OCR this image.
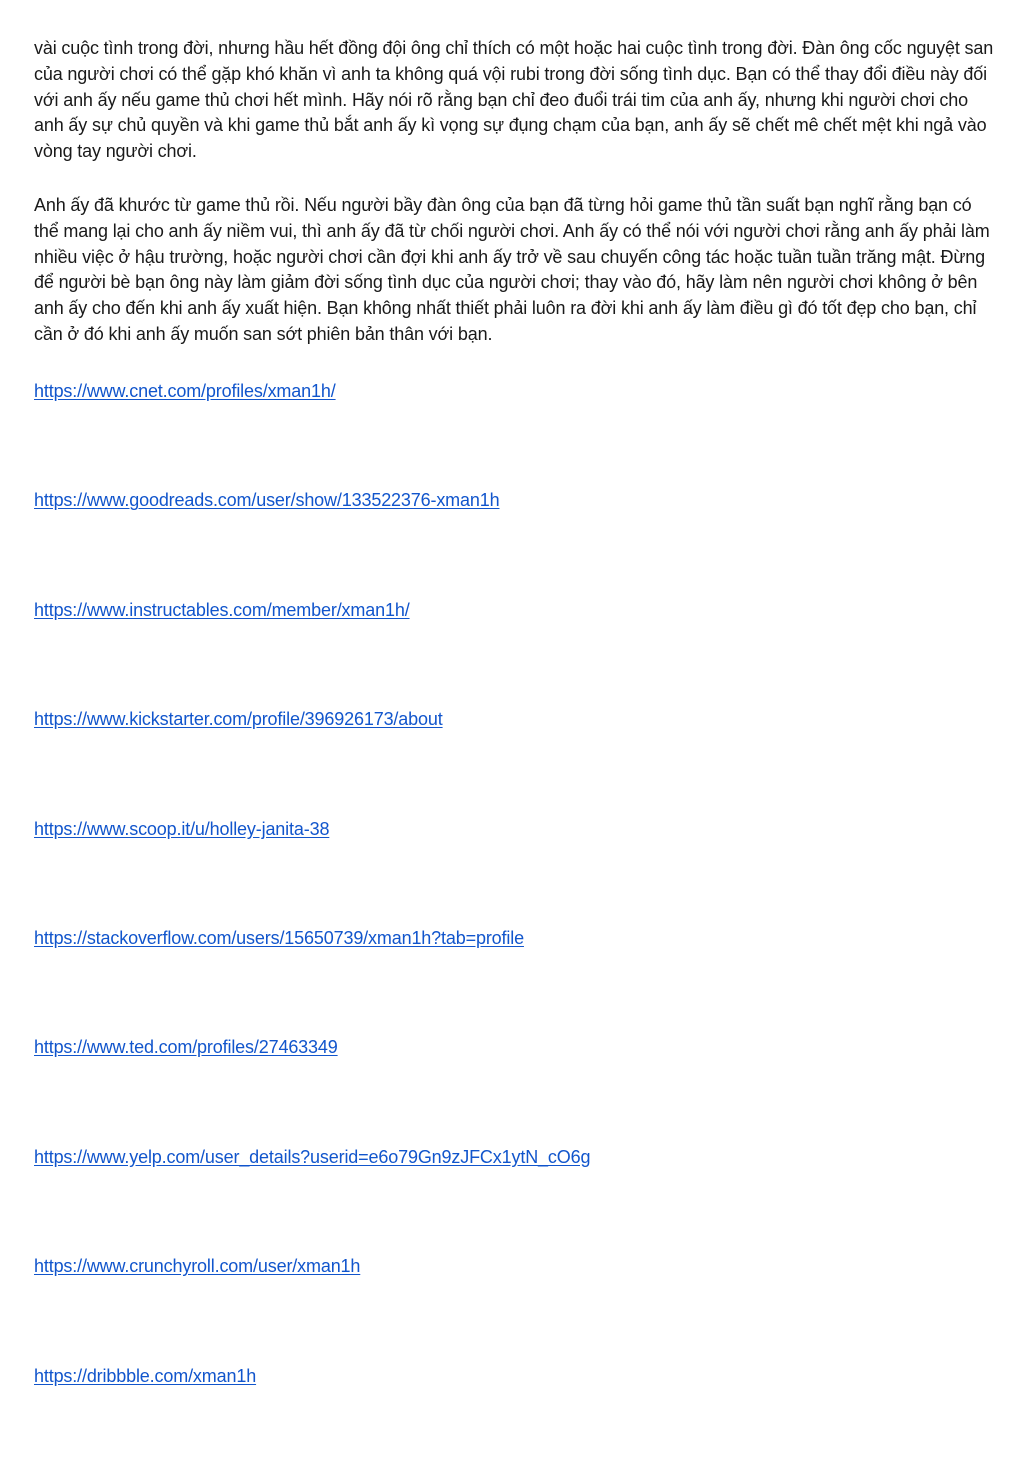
vài cuộc tình trong đời, nhưng hầu hết đồng đội ông chỉ thích có một hoặc hai cuộc tình trong đời. Đàn ông cốc nguyệt san của người chơi có thể gặp khó khăn vì anh ta không quá vội rubi trong đời sống tình dục. Bạn có thể thay đổi điều này đối với anh ấy nếu game thủ chơi hết mình. Hãy nói rõ rằng bạn chỉ đeo đuổi trái tim của anh ấy, nhưng khi người chơi cho anh ấy sự chủ quyền và khi game thủ bắt anh ấy kì vọng sự đụng chạm của bạn, anh ấy sẽ chết mê chết mệt khi ngả vào vòng tay người chơi.

Anh ấy đã khước từ game thủ rồi. Nếu người bầy đàn ông của bạn đã từng hỏi game thủ tần suất bạn nghĩ rằng bạn có thể mang lại cho anh ấy niềm vui, thì anh ấy đã từ chối người chơi. Anh ấy có thể nói với người chơi rằng anh ấy phải làm nhiều việc ở hậu trường, hoặc người chơi cần đợi khi anh ấy trở về sau chuyến công tác hoặc tuần tuần trăng mật. Đừng để người bè bạn ông này làm giảm đời sống tình dục của người chơi; thay vào đó, hãy làm nên người chơi không ở bên anh ấy cho đến khi anh ấy xuất hiện. Bạn không nhất thiết phải luôn ra đời khi anh ấy làm điều gì đó tốt đẹp cho bạn, chỉ cần ở đó khi anh ấy muốn san sớt phiên bản thân với bạn.

https://www.cnet.com/profiles/xman1h/
https://www.goodreads.com/user/show/133522376-xman1h
https://www.instructables.com/member/xman1h/
https://www.kickstarter.com/profile/396926173/about
https://www.scoop.it/u/holley-janita-38
https://stackoverflow.com/users/15650739/xman1h?tab=profile
https://www.ted.com/profiles/27463349
https://www.yelp.com/user_details?userid=e6o79Gn9zJFCx1ytN_cO6g
https://www.crunchyroll.com/user/xman1h
https://dribbble.com/xman1h
